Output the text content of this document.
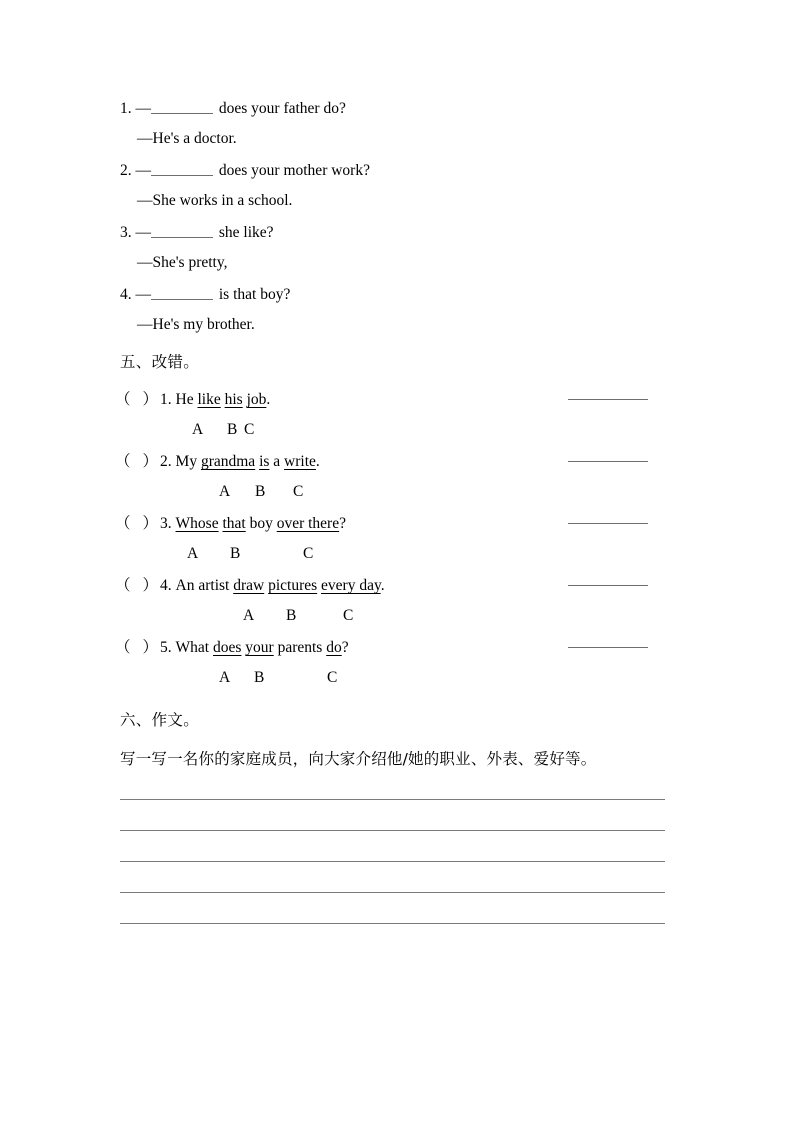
1. —	does your father do?
—He's a doctor.
2. —	does your mother work?
—She works in a school.
3. —	she like?
—She's pretty,
4. —	is that boy?
—He's my brother.
五、改错。
（ ） 1. He like his job.
A B C
（ ） 2. My grandma is a write.
A B C
（ ） 3. Whose that boy over there?
A B	C
（ ） 4. An artist draw pictures every day.
A B	C
（ ） 5. What does your parents do?
A B	C
六、作文。
写一写一名你的家庭成员，向大家介绍他/她的职业、外表、爱好等。
